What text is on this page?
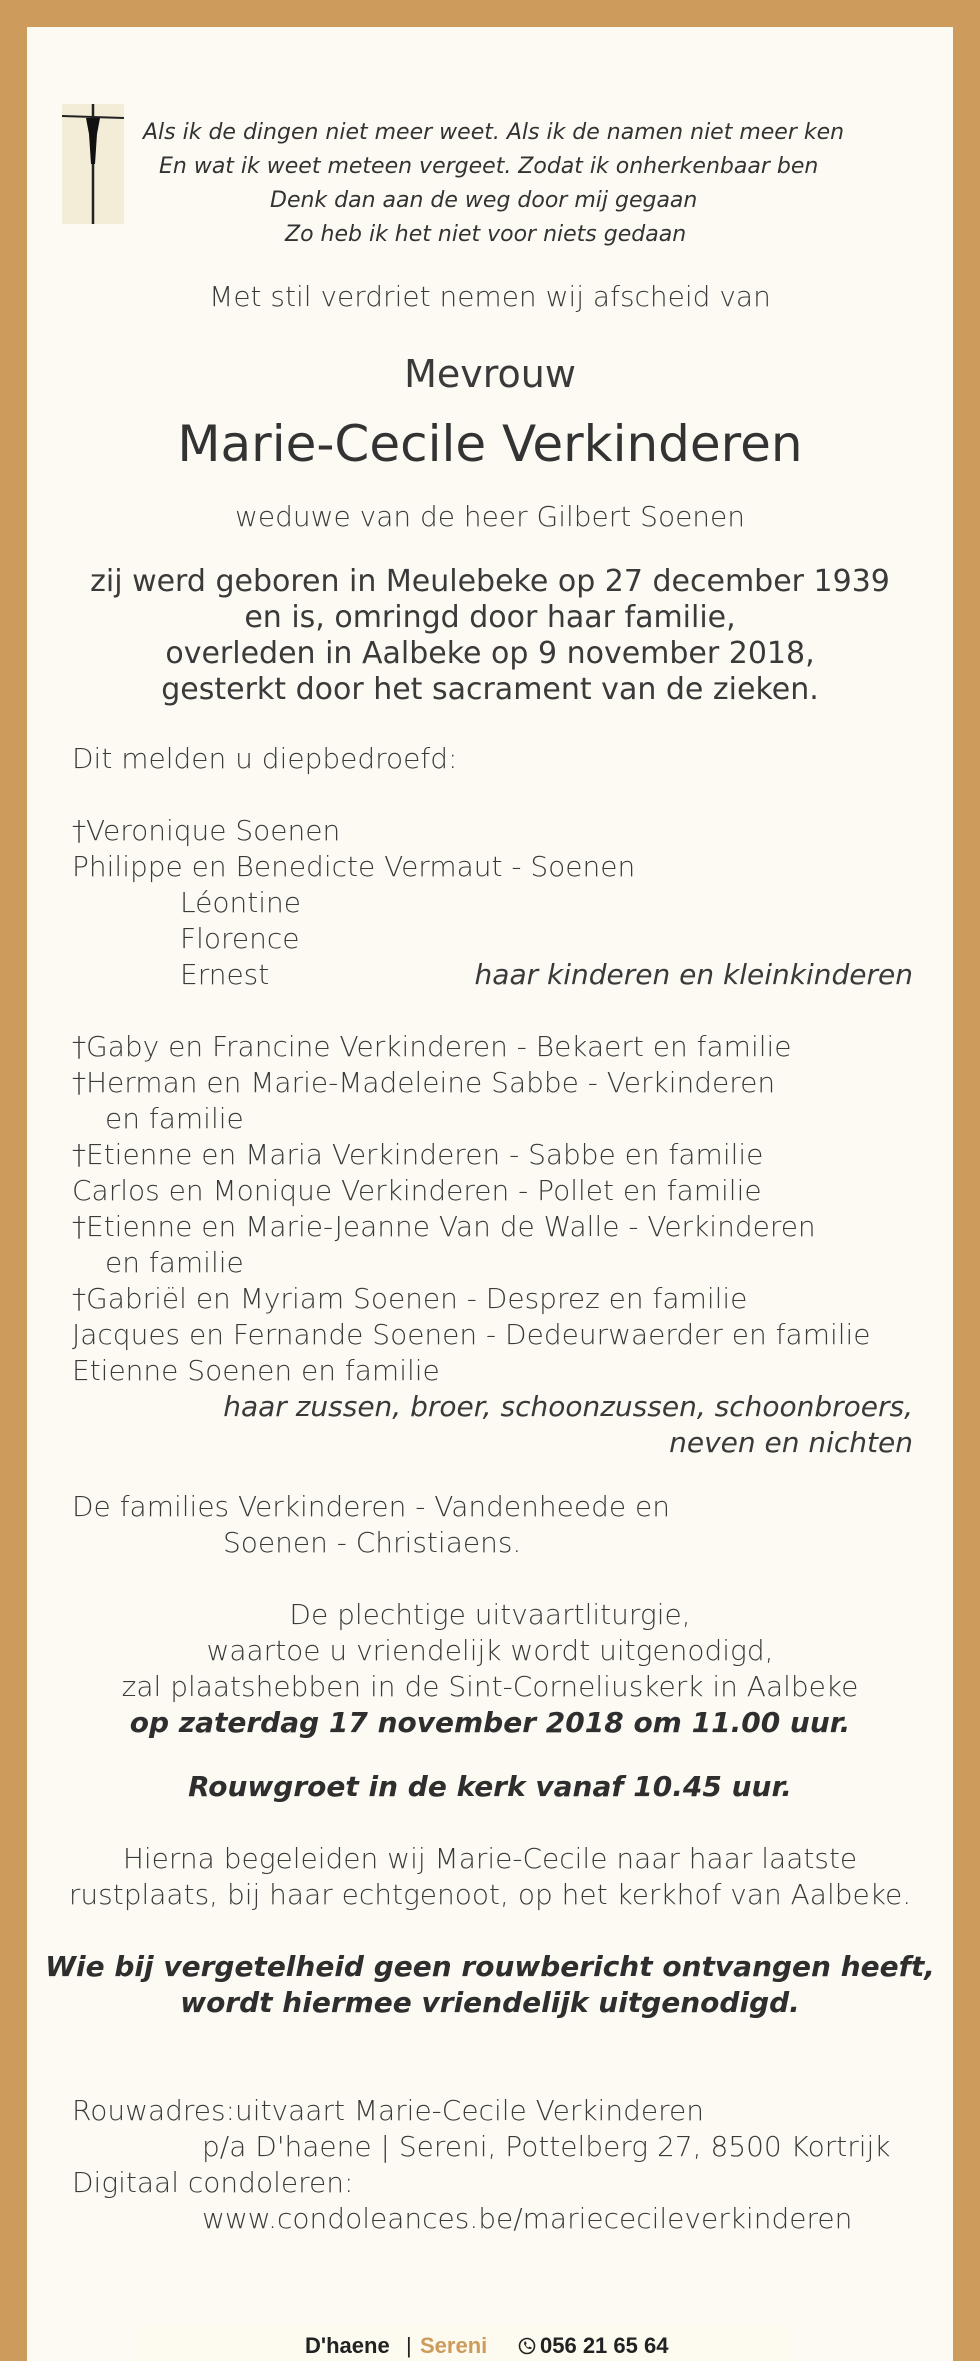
Als ik de dingen niet meer weet. Als ik de namen niet meer ken
En wat ik weet meteen vergeet. Zodat ik onherkenbaar ben
Denk dan aan de weg door mij gegaan
Zo heb ik het niet voor niets gedaan
Met stil verdriet nemen wij afscheid van
Mevrouw
Marie-Cecile Verkinderen
weduwe van de heer Gilbert Soenen
zij werd geboren in Meulebeke op 27 december 1939
en is, omringd door haar familie,
overleden in Aalbeke op 9 november 2018,
gesterkt door het sacrament van de zieken.
Dit melden u diepbedroefd:
†Veronique Soenen
Philippe en Benedicte Vermaut - Soenen
Léontine
Florence
Ernest	haar kinderen en kleinkinderen
†Gaby en Francine Verkinderen - Bekaert en familie
†Herman en Marie-Madeleine Sabbe - Verkinderen
en familie
†Etienne en Maria Verkinderen - Sabbe en familie
Carlos en Monique Verkinderen - Pollet en familie
†Etienne en Marie-Jeanne Van de Walle - Verkinderen
en familie
†Gabriël en Myriam Soenen - Desprez en familie
Jacques en Fernande Soenen - Dedeurwaerder en familie
Etienne Soenen en familie
haar zussen, broer, schoonzussen, schoonbroers,
neven en nichten
De families Verkinderen - Vandenheede en
Soenen - Christiaens.
De plechtige uitvaartliturgie,
waartoe u vriendelijk wordt uitgenodigd,
zal plaatshebben in de Sint-Corneliuskerk in Aalbeke
op zaterdag 17 november 2018 om 11.00 uur.
Rouwgroet in de kerk vanaf 10.45 uur.
Hierna begeleiden wij Marie-Cecile naar haar laatste
rustplaats, bij haar echtgenoot, op het kerkhof van Aalbeke.
Wie bij vergetelheid geen rouwbericht ontvangen heeft,
wordt hiermee vriendelijk uitgenodigd.
Rouwadres:uitvaart Marie-Cecile Verkinderen
p/a D'haene | Sereni, Pottelberg 27, 8500 Kortrijk
Digitaal condoleren:
www.condoleances.be/mariececileverkinderen
D'haene | Sereni 056 21 65 64
